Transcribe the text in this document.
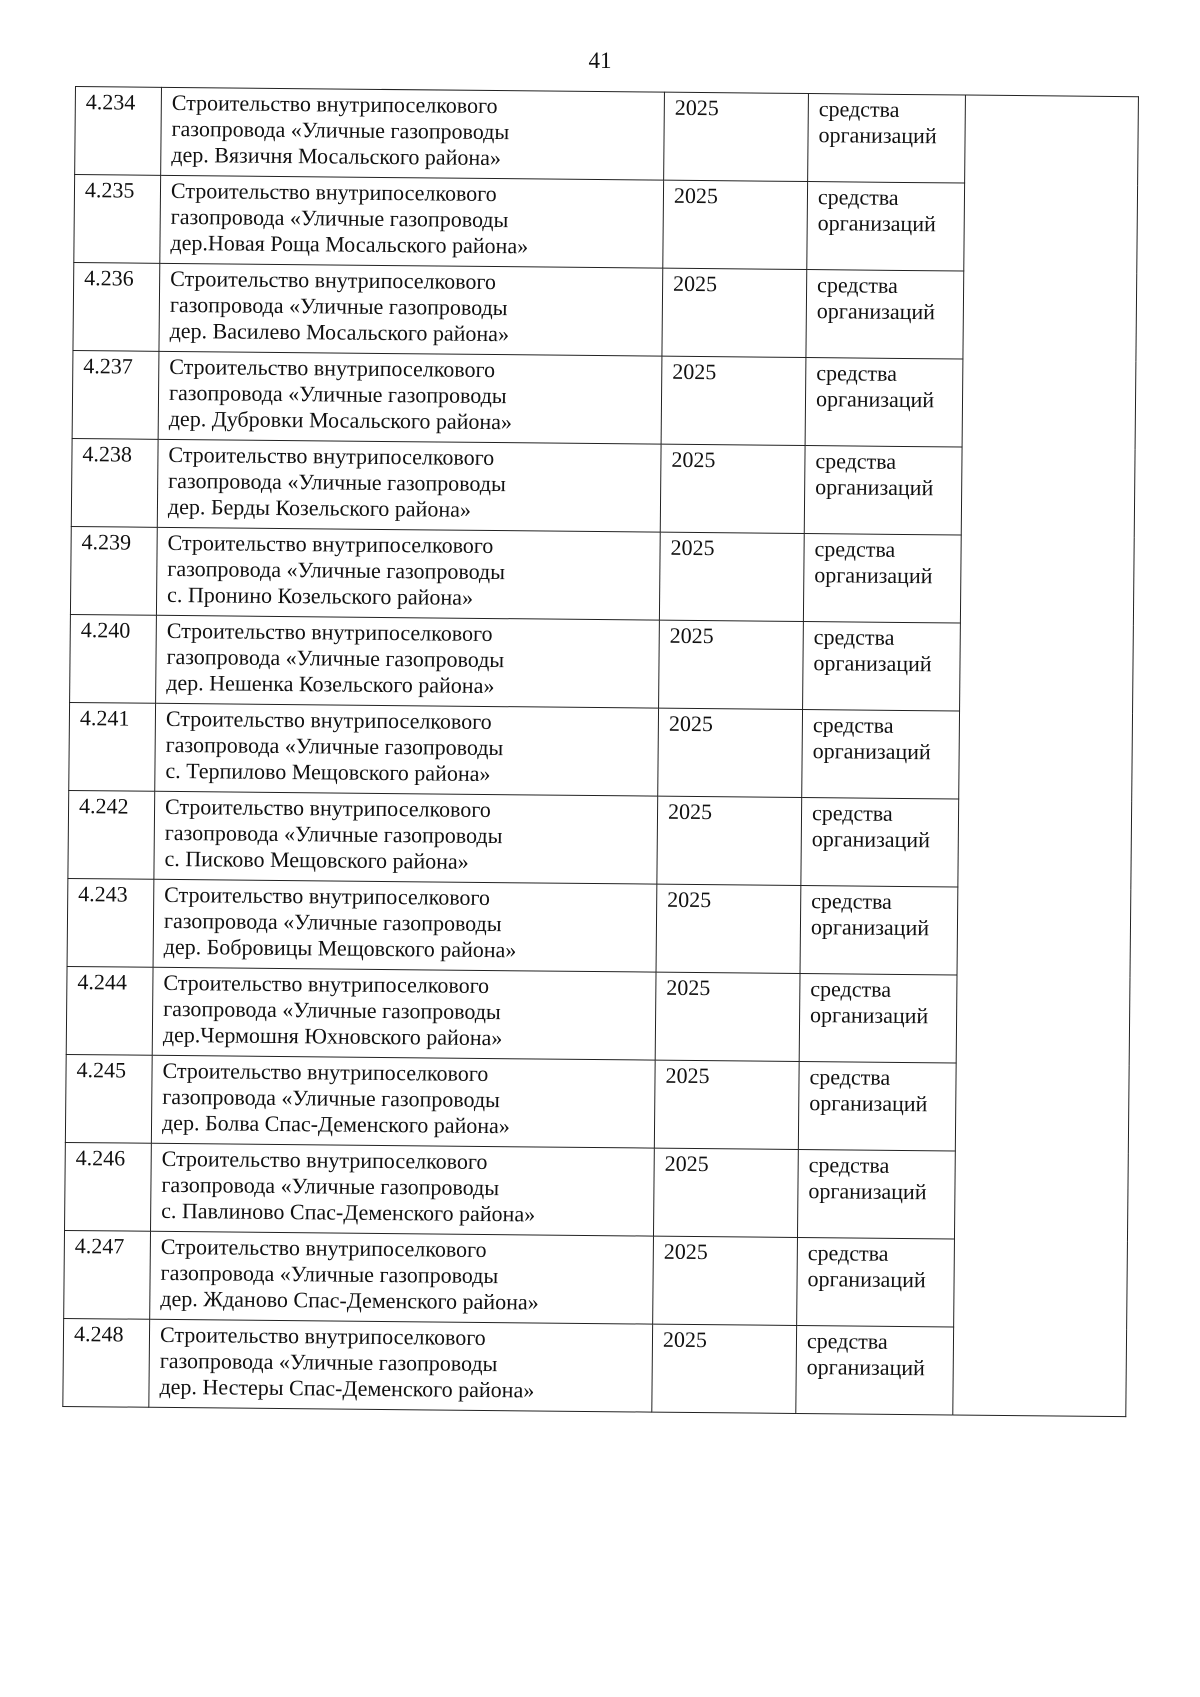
41
4.234	Строительство внутрипоселкового
газопровода «Уличные газопроводы
дер. Вязичня Мосальского района»	2025	средства
организаций	

4.235	Строительство внутрипоселкового
газопровода «Уличные газопроводы
дер.Новая Роща Мосальского района»	2025	средства
организаций	

4.236	Строительство внутрипоселкового
газопровода «Уличные газопроводы
дер. Василево Мосальского района»	2025	средства
организаций	

4.237	Строительство внутрипоселкового
газопровода «Уличные газопроводы
дер. Дубровки Мосальского района»	2025	средства
организаций	

4.238	Строительство внутрипоселкового
газопровода «Уличные газопроводы
дер. Берды Козельского района»	2025	средства
организаций	

4.239	Строительство внутрипоселкового
газопровода «Уличные газопроводы
с. Пронино Козельского района»	2025	средства
организаций	

4.240	Строительство внутрипоселкового
газопровода «Уличные газопроводы
дер. Нешенка Козельского района»	2025	средства
организаций	

4.241	Строительство внутрипоселкового
газопровода «Уличные газопроводы
с. Терпилово Мещовского района»	2025	средства
организаций	

4.242	Строительство внутрипоселкового
газопровода «Уличные газопроводы
с. Писково Мещовского района»	2025	средства
организаций	

4.243	Строительство внутрипоселкового
газопровода «Уличные газопроводы
дер. Бобровицы Мещовского района»	2025	средства
организаций	

4.244	Строительство внутрипоселкового
газопровода «Уличные газопроводы
дер.Чермошня Юхновского района»	2025	средства
организаций	

4.245	Строительство внутрипоселкового
газопровода «Уличные газопроводы
дер. Болва Спас-Деменского района»	2025	средства
организаций	

4.246	Строительство внутрипоселкового
газопровода «Уличные газопроводы
с. Павлиново Спас-Деменского района»	2025	средства
организаций	

4.247	Строительство внутрипоселкового
газопровода «Уличные газопроводы
дер. Жданово Спас-Деменского района»	2025	средства
организаций	

4.248	Строительство внутрипоселкового
газопровода «Уличные газопроводы
дер. Нестеры Спас-Деменского района»	2025	средства
организаций	
